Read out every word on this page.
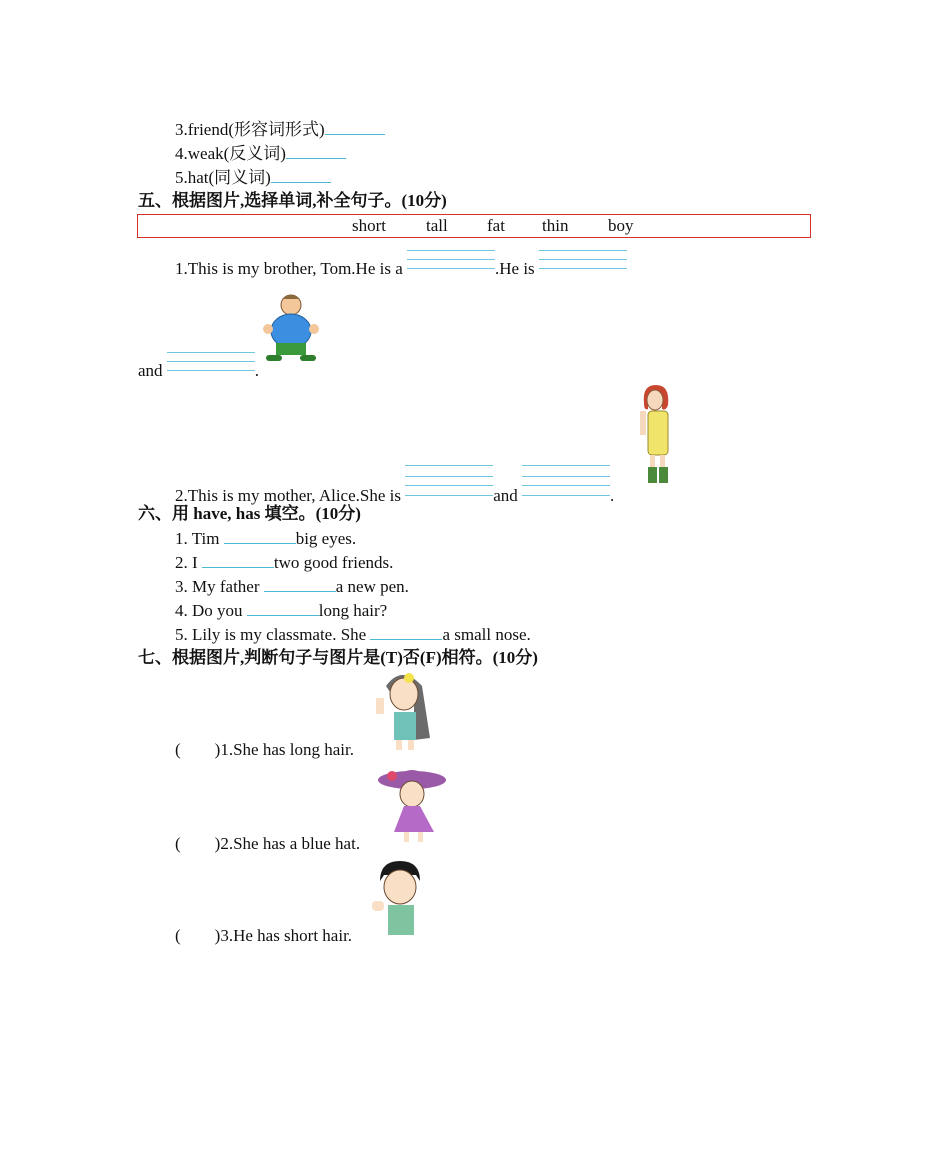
3.friend(形容词形式)
4.weak(反义词)
5.hat(同义词)
五、根据图片,选择单词,补全句子。(10分)
short tall fat thin boy
1.This is my brother, Tom.He is a	.He is
and	.
2.This is my mother, Alice.She is	and	.
六、用 have, has 填空。(10分)
1. Tim	big eyes.
2. I	two good friends.
3. My father	a new pen.
4. Do you	long hair?
5. Lily is my classmate. She	a small nose.
七、根据图片,判断句子与图片是(T)否(F)相符。(10分)
(        )1.She has long hair.
(        )2.She has a blue hat.
(        )3.He has short hair.
